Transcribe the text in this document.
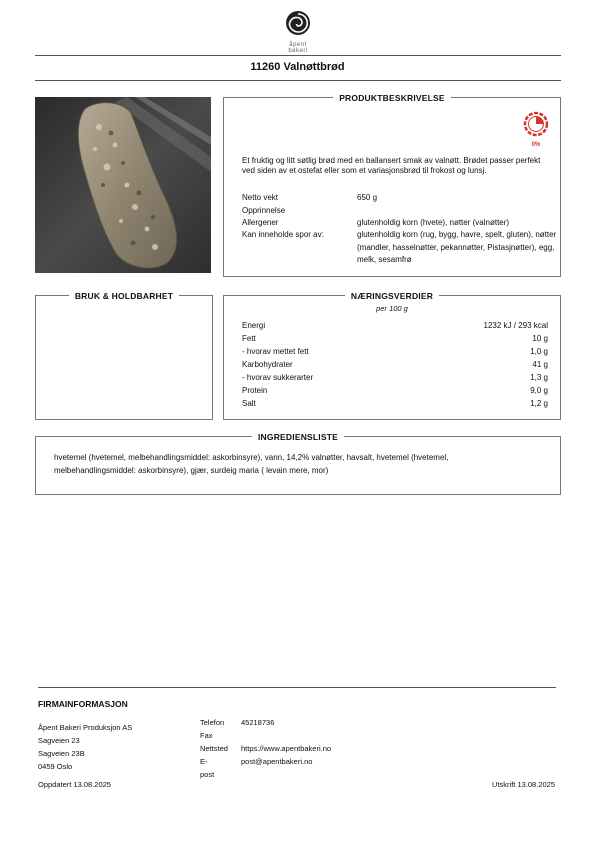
åpent bakeri
11260 Valnøttbrød
PRODUKTBESKRIVELSE
0%
Et fruktig og litt søtlig brød med en ballansert smak av valnøtt. Brødet passer perfekt ved siden av et ostefat eller som et variasjonsbrød til frokost og lunsj.
Netto vekt	650 g
Opprinnelse
Allergener	glutenholdig korn (hvete), nøtter (valnøtter)
Kan inneholde spor av:	glutenholdig korn (rug, bygg, havre, spelt, gluten), nøtter (mandler, hasselnøtter, pekannøtter, Pistasjnøtter), egg, melk, sesamfrø
BRUK & HOLDBARHET	NÆRINGSVERDIER
per 100 g
Energi	1232 kJ / 293 kcal
Fett	10 g
- hvorav mettet fett	1,0 g
Karbohydrater	41 g
- hvorav sukkerarter	1,3 g
Protein	9,0 g
Salt	1,2 g
INGREDIENSLISTE
hvetemel (hvetemel, melbehandlingsmiddel: askorbinsyre), vann, 14,2% valnøtter, havsalt, hvetemel (hvetemel, melbehandlingsmiddel: askorbinsyre), gjær, surdeig maria ( levain mere, mor)
FIRMAINFORMASJON
Åpent Bakeri Produksjon AS
Sagveien 23
Sagveien 23B
0459 Oslo
Telefon 45218736
Fax
Nettsted https://www.apentbakeri.no
E-post
post@apentbakeri.no
Oppdatert 13.08.2025	Utskrift 13.08.2025
